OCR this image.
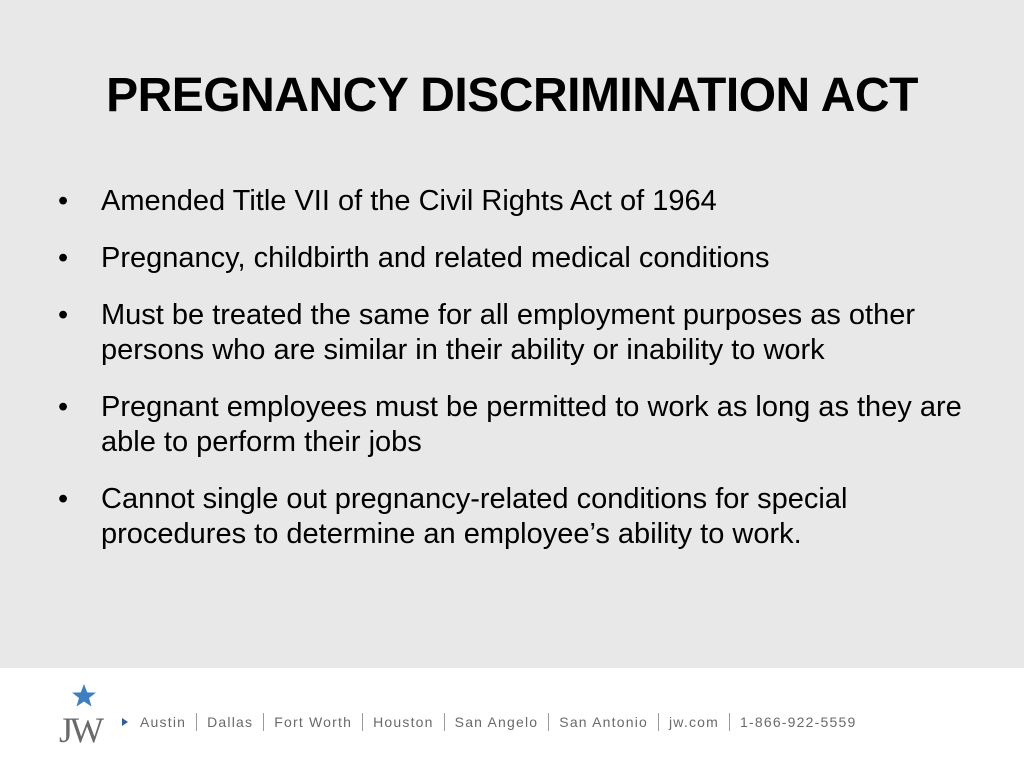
PREGNANCY DISCRIMINATION ACT
• Amended Title VII of the Civil Rights Act of 1964
• Pregnancy, childbirth and related medical conditions
• Must be treated the same for all employment purposes as other persons who are similar in their ability or inability to work
• Pregnant employees must be permitted to work as long as they are able to perform their jobs
• Cannot single out pregnancy-related conditions for special procedures to determine an employee’s ability to work.
JW	Austin Dallas Fort Worth Houston San Angelo San Antonio jw.com 1-866-922-5559
